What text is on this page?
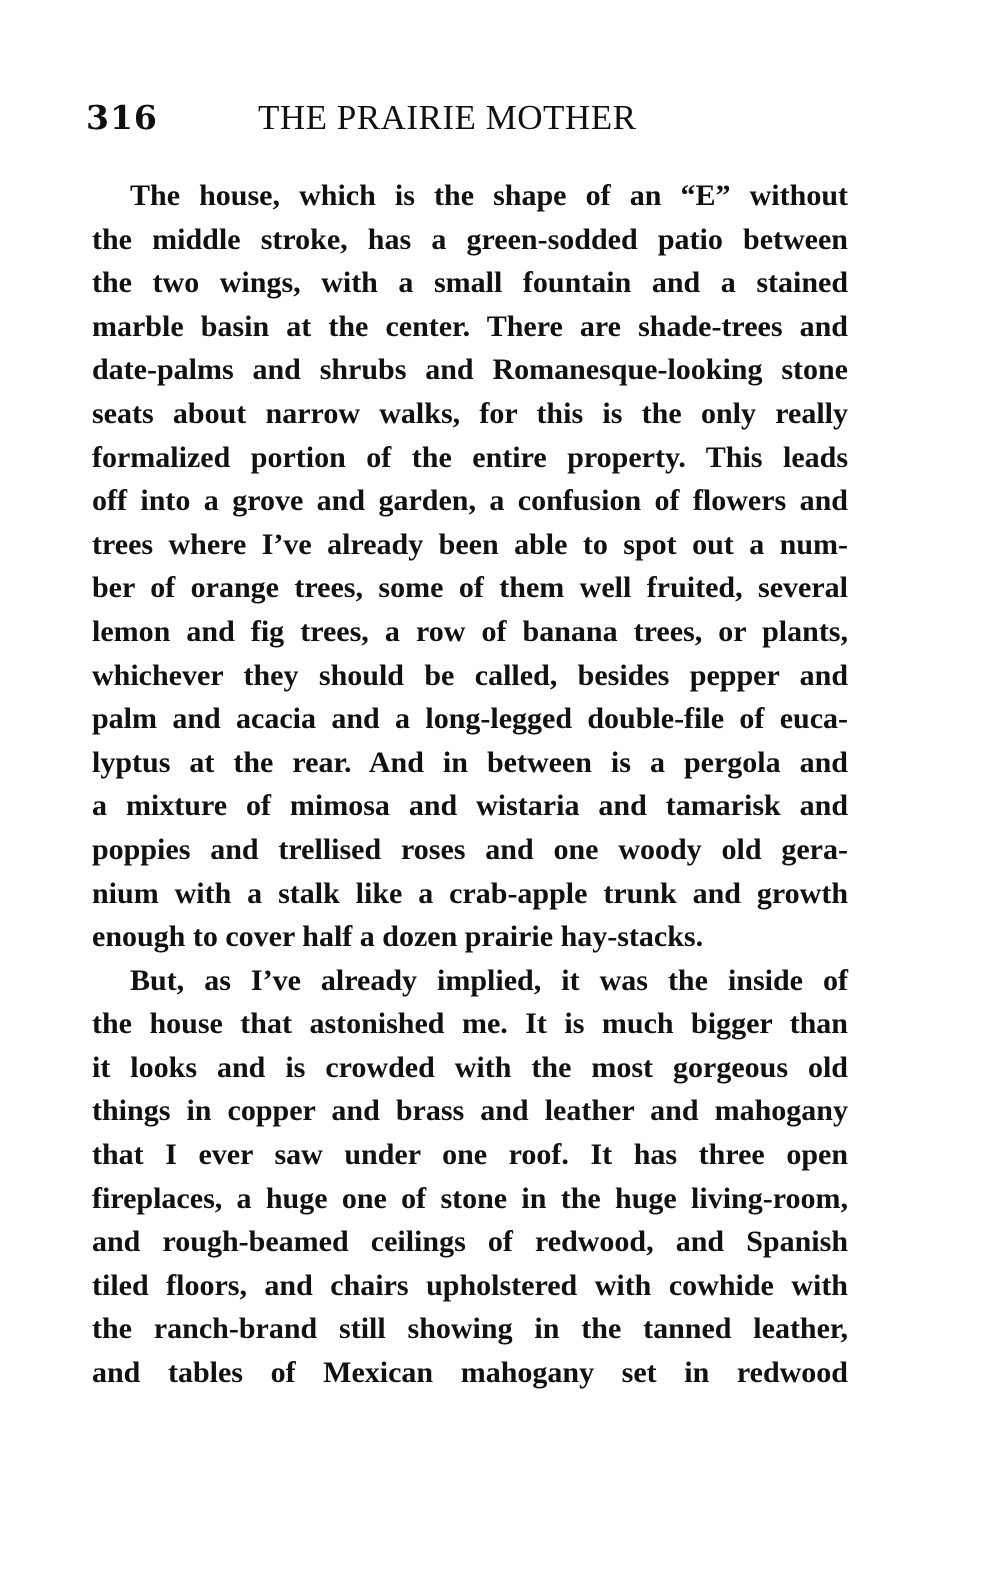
316	THE PRAIRIE MOTHER
The house, which is the shape of an “E” without
the middle stroke, has a green-sodded patio between
the two wings, with a small fountain and a stained
marble basin at the center. There are shade-trees and
date-palms and shrubs and Romanesque-looking stone
seats about narrow walks, for this is the only really
formalized portion of the entire property. This leads
off into a grove and garden, a confusion of flowers and
trees where I’ve already been able to spot out a num-
ber of orange trees, some of them well fruited, several
lemon and fig trees, a row of banana trees, or plants,
whichever they should be called, besides pepper and
palm and acacia and a long-legged double-file of euca-
lyptus at the rear. And in between is a pergola and
a mixture of mimosa and wistaria and tamarisk and
poppies and trellised roses and one woody old gera-
nium with a stalk like a crab-apple trunk and growth
enough to cover half a dozen prairie hay-stacks.
But, as I’ve already implied, it was the inside of
the house that astonished me. It is much bigger than
it looks and is crowded with the most gorgeous old
things in copper and brass and leather and mahogany
that I ever saw under one roof. It has three open
fireplaces, a huge one of stone in the huge living-room,
and rough-beamed ceilings of redwood, and Spanish
tiled floors, and chairs upholstered with cowhide with
the ranch-brand still showing in the tanned leather,
and tables of Mexican mahogany set in redwood
